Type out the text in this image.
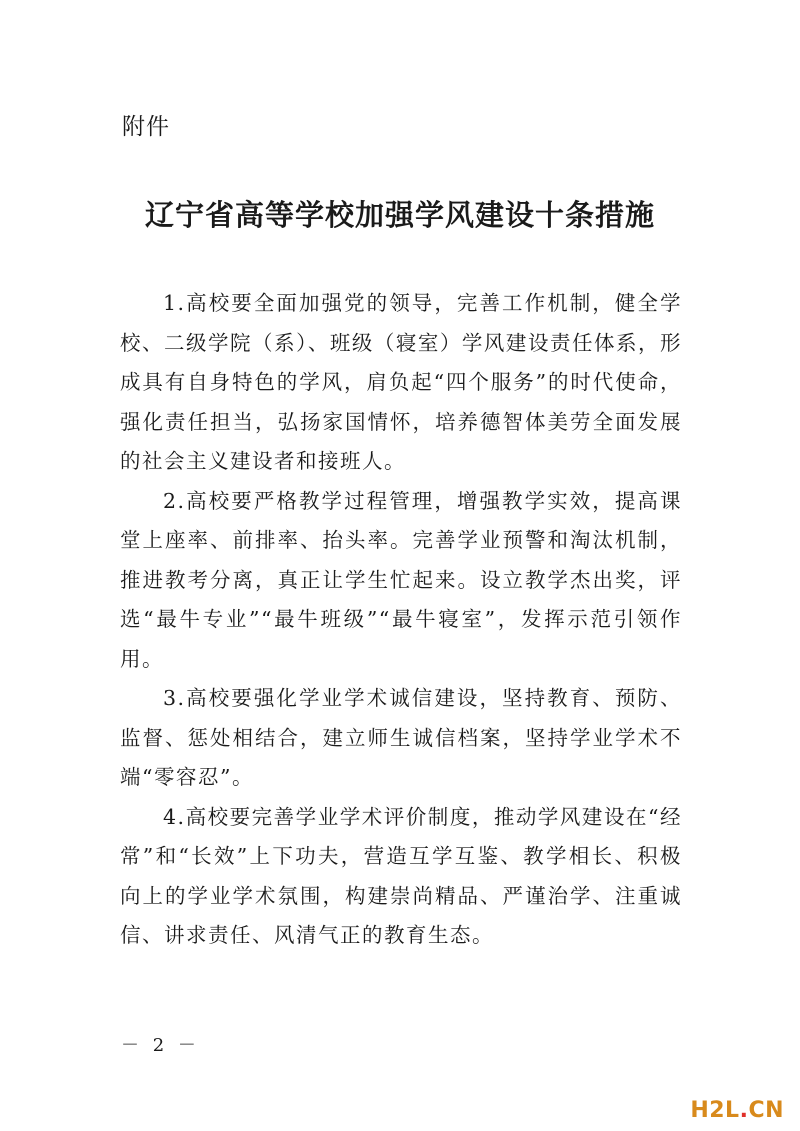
附件
辽宁省高等学校加强学风建设十条措施

1.高校要全面加强党的领导，完善工作机制，健全学校、二级学院（系）、班级（寝室）学风建设责任体系，形成具有自身特色的学风，肩负起“四个服务”的时代使命，强化责任担当，弘扬家国情怀，培养德智体美劳全面发展的社会主义建设者和接班人。

2.高校要严格教学过程管理，增强教学实效，提高课堂上座率、前排率、抬头率。完善学业预警和淘汰机制，推进教考分离，真正让学生忙起来。设立教学杰出奖，评选“最牛专业”“最牛班级”“最牛寝室”，发挥示范引领作用。

3.高校要强化学业学术诚信建设，坚持教育、预防、监督、惩处相结合，建立师生诚信档案，坚持学业学术不端“零容忍”。

4.高校要完善学业学术评价制度，推动学风建设在“经常”和“长效”上下功夫，营造互学互鉴、教学相长、积极向上的学业学术氛围，构建崇尚精品、严谨治学、注重诚信、讲求责任、风清气正的教育生态。

－ 2 －
H2L.CN
